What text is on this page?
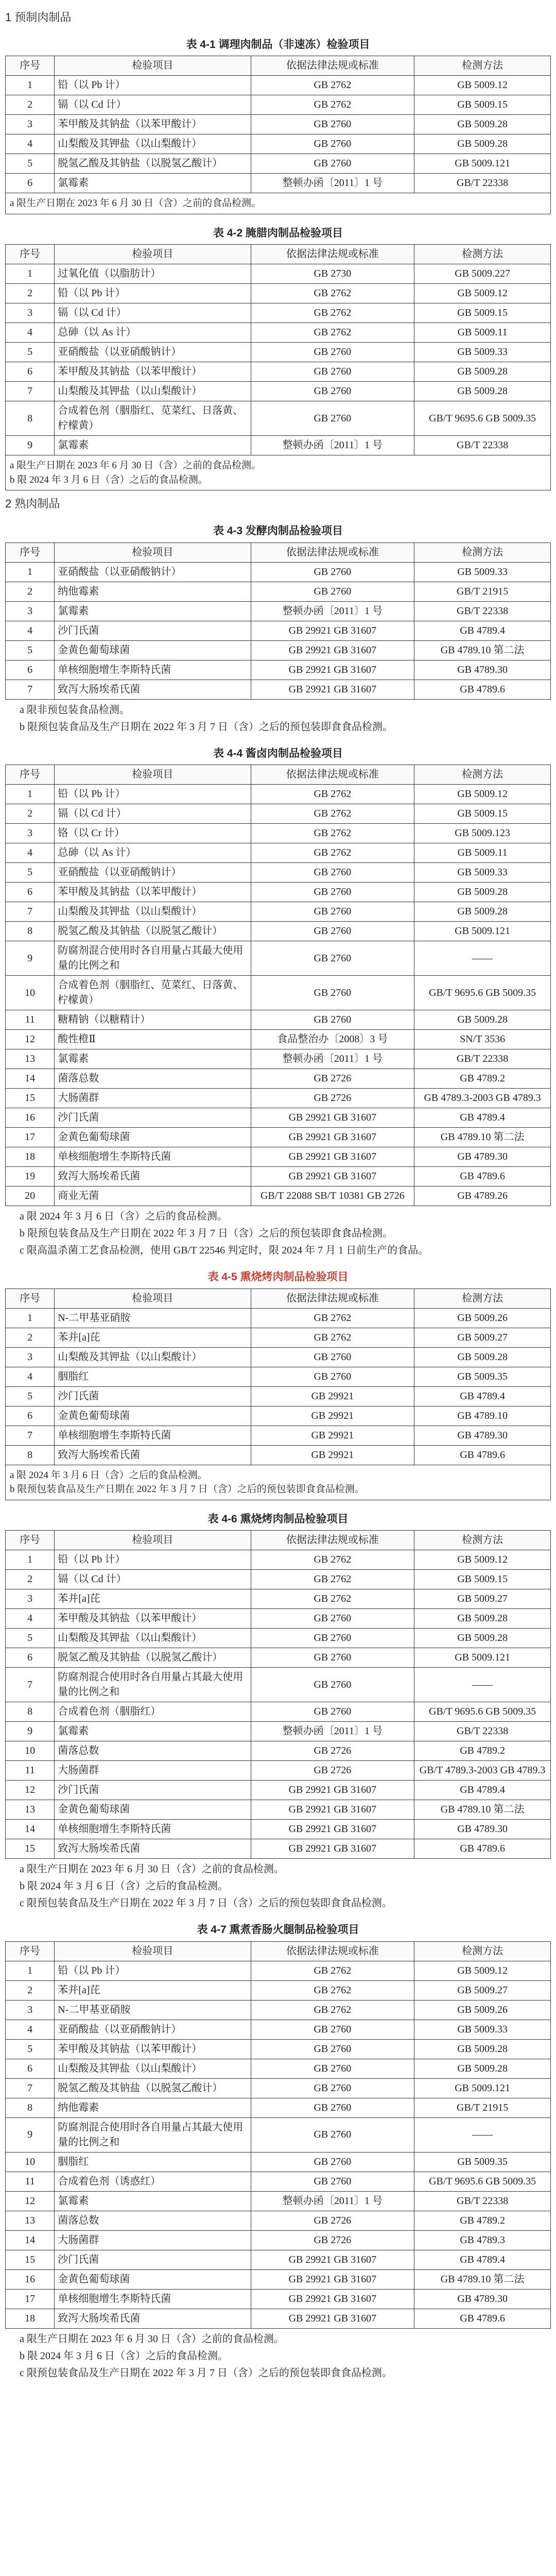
1 预制肉制品
表 4-1 调理肉制品（非速冻）检验项目
序号	检验项目	依据法律法规或标准	检测方法
1	铅（以 Pb 计）	GB 2762	GB 5009.12
2	镉（以 Cd 计）	GB 2762	GB 5009.15
3	苯甲酸及其钠盐（以苯甲酸计）	GB 2760	GB 5009.28
4	山梨酸及其钾盐（以山梨酸计）	GB 2760	GB 5009.28
5	脱氢乙酸及其钠盐（以脱氢乙酸计）	GB 2760	GB 5009.121
6	氯霉素	整顿办函〔2011〕1 号	GB/T 22338

a 限生产日期在 2023 年 6 月 30 日（含）之前的食品检测。			
表 4-2 腌腊肉制品检验项目
序号	检验项目	依据法律法规或标准	检测方法
1	过氧化值（以脂肪计）	GB 2730	GB 5009.227
2	铅（以 Pb 计）	GB 2762	GB 5009.12
3	镉（以 Cd 计）	GB 2762	GB 5009.15
4	总砷（以 As 计）	GB 2762	GB 5009.11
5	亚硝酸盐（以亚硝酸钠计）	GB 2760	GB 5009.33
6	苯甲酸及其钠盐（以苯甲酸计）	GB 2760	GB 5009.28
7	山梨酸及其钾盐（以山梨酸计）	GB 2760	GB 5009.28
8	合成着色剂（胭脂红、苋菜红、日落黄、柠檬黄）	GB 2760	GB/T 9695.6 GB 5009.35
9	氯霉素	整顿办函〔2011〕1 号	GB/T 22338

a 限生产日期在 2023 年 6 月 30 日（含）之前的食品检测。
b 限 2024 年 3 月 6 日（含）之后的食品检测。			
2 熟肉制品
表 4-3 发酵肉制品检验项目
序号	检验项目	依据法律法规或标准	检测方法
1	亚硝酸盐（以亚硝酸钠计）	GB 2760	GB 5009.33
2	纳他霉素	GB 2760	GB/T 21915
3	氯霉素	整顿办函〔2011〕1 号	GB/T 22338
4	沙门氏菌	GB 29921 GB 31607	GB 4789.4
5	金黄色葡萄球菌	GB 29921 GB 31607	GB 4789.10 第二法
6	单核细胞增生李斯特氏菌	GB 29921 GB 31607	GB 4789.30
7	致泻大肠埃希氏菌	GB 29921 GB 31607	GB 4789.6

a 限非预包装食品检测。

b 限预包装食品及生产日期在 2022 年 3 月 7 日（含）之后的预包装即食食品检测。

表 4-4 酱卤肉制品检验项目
序号	检验项目	依据法律法规或标准	检测方法
1	铅（以 Pb 计）	GB 2762	GB 5009.12
2	镉（以 Cd 计）	GB 2762	GB 5009.15
3	铬（以 Cr 计）	GB 2762	GB 5009.123
4	总砷（以 As 计）	GB 2762	GB 5009.11
5	亚硝酸盐（以亚硝酸钠计）	GB 2760	GB 5009.33
6	苯甲酸及其钠盐（以苯甲酸计）	GB 2760	GB 5009.28
7	山梨酸及其钾盐（以山梨酸计）	GB 2760	GB 5009.28
8	脱氢乙酸及其钠盐（以脱氢乙酸计）	GB 2760	GB 5009.121
9	防腐剂混合使用时各自用量占其最大使用量的比例之和	GB 2760	——
10	合成着色剂（胭脂红、苋菜红、日落黄、柠檬黄）	GB 2760	GB/T 9695.6 GB 5009.35
11	糖精钠（以糖精计）	GB 2760	GB 5009.28
12	酸性橙Ⅱ	食品整治办〔2008〕3 号	SN/T 3536
13	氯霉素	整顿办函〔2011〕1 号	GB/T 22338
14	菌落总数	GB 2726	GB 4789.2
15	大肠菌群	GB 2726	GB 4789.3-2003 GB 4789.3
16	沙门氏菌	GB 29921 GB 31607	GB 4789.4
17	金黄色葡萄球菌	GB 29921 GB 31607	GB 4789.10 第二法
18	单核细胞增生李斯特氏菌	GB 29921 GB 31607	GB 4789.30
19	致泻大肠埃希氏菌	GB 29921 GB 31607	GB 4789.6
20	商业无菌	GB/T 22088 SB/T 10381 GB 2726	GB 4789.26

a 限 2024 年 3 月 6 日（含）之后的食品检测。

b 限预包装食品及生产日期在 2022 年 3 月 7 日（含）之后的预包装即食食品检测。

c 限高温杀菌工艺食品检测，使用 GB/T 22546 判定时，限 2024 年 7 月 1 日前生产的食品。

表 4-5 熏烧烤肉制品检验项目
序号	检验项目	依据法律法规或标准	检测方法
1	N-二甲基亚硝胺	GB 2762	GB 5009.26
2	苯并[a]芘	GB 2762	GB 5009.27
3	山梨酸及其钾盐（以山梨酸计）	GB 2760	GB 5009.28
4	胭脂红	GB 2760	GB 5009.35
5	沙门氏菌	GB 29921	GB 4789.4
6	金黄色葡萄球菌	GB 29921	GB 4789.10
7	单核细胞增生李斯特氏菌	GB 29921	GB 4789.30
8	致泻大肠埃希氏菌	GB 29921	GB 4789.6

a 限 2024 年 3 月 6 日（含）之后的食品检测。
b 限预包装食品及生产日期在 2022 年 3 月 7 日（含）之后的预包装即食食品检测。			
表 4-6 熏烧烤肉制品检验项目
序号	检验项目	依据法律法规或标准	检测方法
1	铅（以 Pb 计）	GB 2762	GB 5009.12
2	镉（以 Cd 计）	GB 2762	GB 5009.15
3	苯并[a]芘	GB 2762	GB 5009.27
4	苯甲酸及其钠盐（以苯甲酸计）	GB 2760	GB 5009.28
5	山梨酸及其钾盐（以山梨酸计）	GB 2760	GB 5009.28
6	脱氢乙酸及其钠盐（以脱氢乙酸计）	GB 2760	GB 5009.121
7	防腐剂混合使用时各自用量占其最大使用量的比例之和	GB 2760	——
8	合成着色剂（胭脂红）	GB 2760	GB/T 9695.6 GB 5009.35
9	氯霉素	整顿办函〔2011〕1 号	GB/T 22338
10	菌落总数	GB 2726	GB 4789.2
11	大肠菌群	GB 2726	GB/T 4789.3-2003 GB 4789.3
12	沙门氏菌	GB 29921 GB 31607	GB 4789.4
13	金黄色葡萄球菌	GB 29921 GB 31607	GB 4789.10 第二法
14	单核细胞增生李斯特氏菌	GB 29921 GB 31607	GB 4789.30
15	致泻大肠埃希氏菌	GB 29921 GB 31607	GB 4789.6

a 限生产日期在 2023 年 6 月 30 日（含）之前的食品检测。

b 限 2024 年 3 月 6 日（含）之后的食品检测。

c 限预包装食品及生产日期在 2022 年 3 月 7 日（含）之后的预包装即食食品检测。

表 4-7 熏煮香肠火腿制品检验项目
序号	检验项目	依据法律法规或标准	检测方法
1	铅（以 Pb 计）	GB 2762	GB 5009.12
2	苯并[a]芘	GB 2762	GB 5009.27
3	N-二甲基亚硝胺	GB 2762	GB 5009.26
4	亚硝酸盐（以亚硝酸钠计）	GB 2760	GB 5009.33
5	苯甲酸及其钠盐（以苯甲酸计）	GB 2760	GB 5009.28
6	山梨酸及其钾盐（以山梨酸计）	GB 2760	GB 5009.28
7	脱氢乙酸及其钠盐（以脱氢乙酸计）	GB 2760	GB 5009.121
8	纳他霉素	GB 2760	GB/T 21915
9	防腐剂混合使用时各自用量占其最大使用量的比例之和	GB 2760	——
10	胭脂红	GB 2760	GB 5009.35
11	合成着色剂（诱惑红）	GB 2760	GB/T 9695.6 GB 5009.35
12	氯霉素	整顿办函〔2011〕1 号	GB/T 22338
13	菌落总数	GB 2726	GB 4789.2
14	大肠菌群	GB 2726	GB 4789.3
15	沙门氏菌	GB 29921 GB 31607	GB 4789.4
16	金黄色葡萄球菌	GB 29921 GB 31607	GB 4789.10 第二法
17	单核细胞增生李斯特氏菌	GB 29921 GB 31607	GB 4789.30
18	致泻大肠埃希氏菌	GB 29921 GB 31607	GB 4789.6

a 限生产日期在 2023 年 6 月 30 日（含）之前的食品检测。

b 限 2024 年 3 月 6 日（含）之后的食品检测。

c 限预包装食品及生产日期在 2022 年 3 月 7 日（含）之后的预包装即食食品检测。
